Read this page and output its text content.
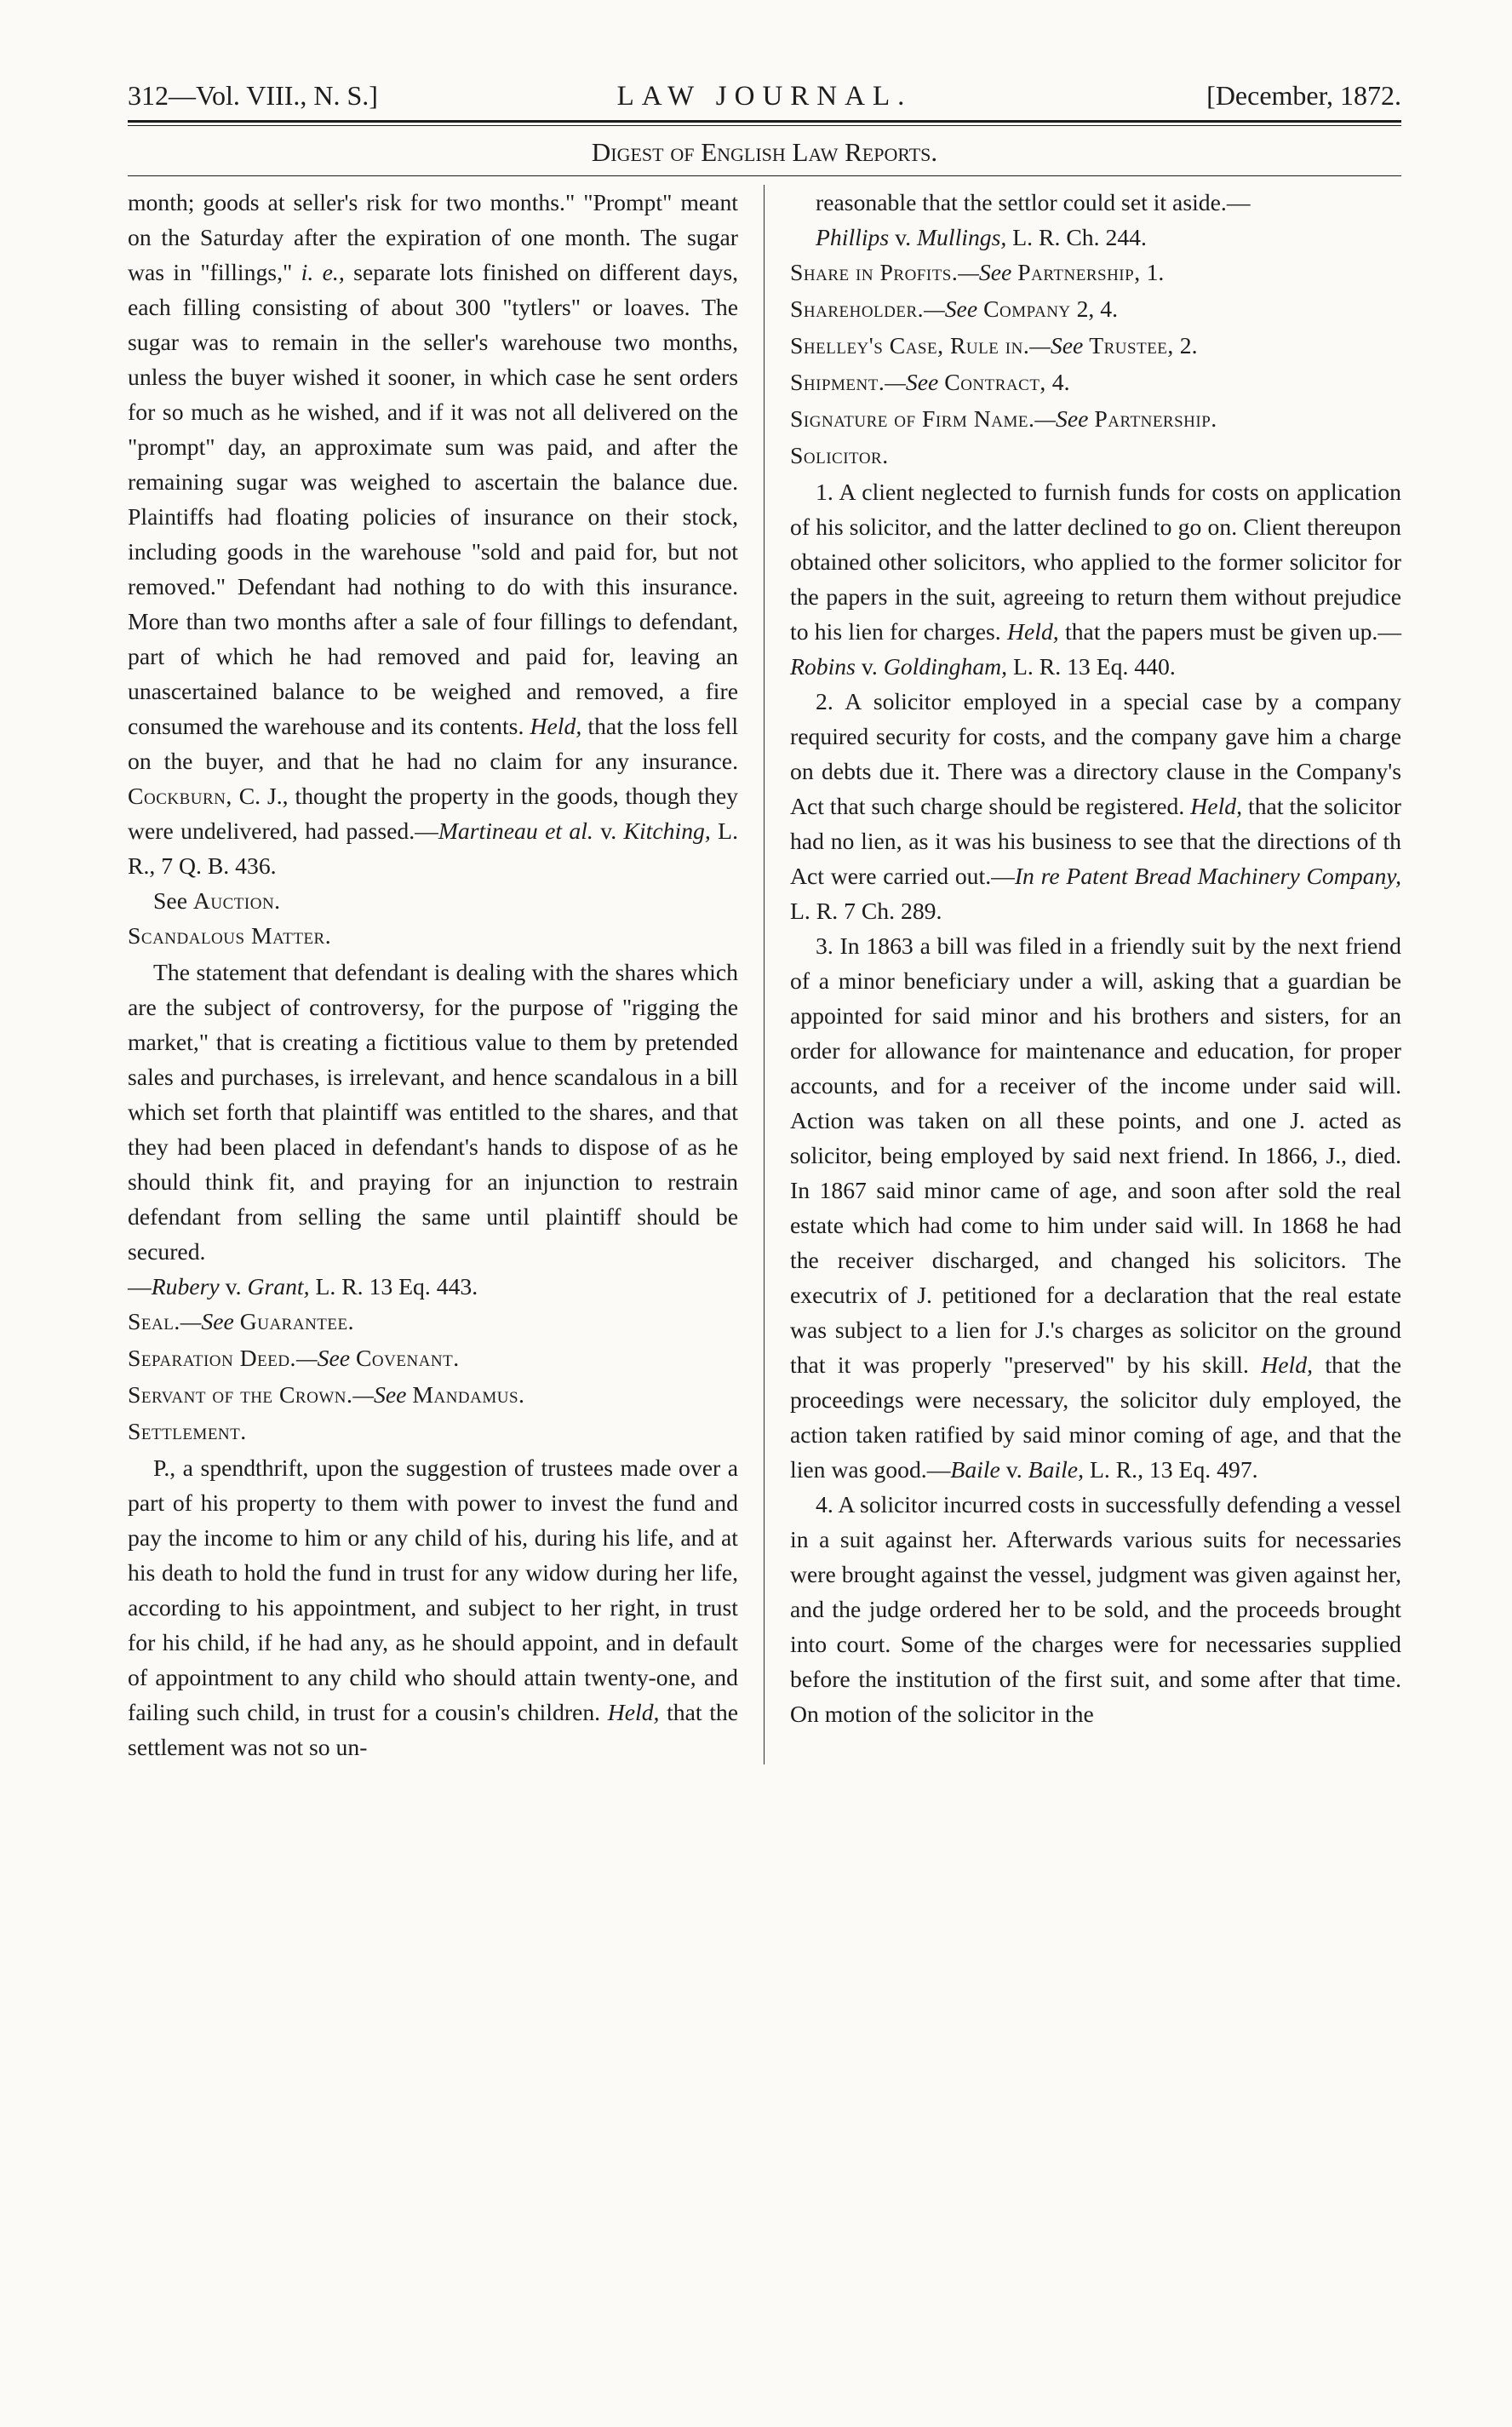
312—Vol. VIII., N. S.]	LAW JOURNAL.	[December, 1872.
Digest of English Law Reports.

month; goods at seller's risk for two months." "Prompt" meant on the Saturday after the expiration of one month. The sugar was in "fillings," i. e., separate lots finished on different days, each filling consisting of about 300 "tytlers" or loaves. The sugar was to remain in the seller's warehouse two months, unless the buyer wished it sooner, in which case he sent orders for so much as he wished, and if it was not all delivered on the "prompt" day, an approximate sum was paid, and after the remaining sugar was weighed to ascertain the balance due. Plaintiffs had floating policies of insurance on their stock, including goods in the warehouse "sold and paid for, but not removed." Defendant had nothing to do with this insurance. More than two months after a sale of four fillings to defendant, part of which he had removed and paid for, leaving an unascertained balance to be weighed and removed, a fire consumed the warehouse and its contents. Held, that the loss fell on the buyer, and that he had no claim for any insurance. Cockburn, C. J., thought the property in the goods, though they were undelivered, had passed.—Martineau et al. v. Kitching, L. R., 7 Q. B. 436.

See Auction.

Scandalous Matter.

The statement that defendant is dealing with the shares which are the subject of controversy, for the purpose of "rigging the market," that is creating a fictitious value to them by pretended sales and purchases, is irrelevant, and hence scandalous in a bill which set forth that plaintiff was entitled to the shares, and that they had been placed in defendant's hands to dispose of as he should think fit, and praying for an injunction to restrain defendant from selling the same until plaintiff should be secured.
—Rubery v. Grant, L. R. 13 Eq. 443.

Seal.—See Guarantee.

Separation Deed.—See Covenant.

Servant of the Crown.—See Mandamus.

Settlement.

P., a spendthrift, upon the suggestion of trustees made over a part of his property to them with power to invest the fund and pay the income to him or any child of his, during his life, and at his death to hold the fund in trust for any widow during her life, according to his appointment, and subject to her right, in trust for his child, if he had any, as he should appoint, and in default of appointment to any child who should attain twenty-one, and failing such child, in trust for a cousin's children. Held, that the settlement was not so un-

reasonable that the settlor could set it aside.—
Phillips v. Mullings, L. R. Ch. 244.

Share in Profits.—See Partnership, 1.

Shareholder.—See Company 2, 4.

Shelley's Case, Rule in.—See Trustee, 2.

Shipment.—See Contract, 4.

Signature of Firm Name.—See Partnership.

Solicitor.

1. A client neglected to furnish funds for costs on application of his solicitor, and the latter declined to go on. Client thereupon obtained other solicitors, who applied to the former solicitor for the papers in the suit, agreeing to return them without prejudice to his lien for charges. Held, that the papers must be given up.—Robins v. Goldingham, L. R. 13 Eq. 440.

2. A solicitor employed in a special case by a company required security for costs, and the company gave him a charge on debts due it. There was a directory clause in the Company's Act that such charge should be registered. Held, that the solicitor had no lien, as it was his business to see that the directions of th Act were carried out.—In re Patent Bread Machinery Company, L. R. 7 Ch. 289.

3. In 1863 a bill was filed in a friendly suit by the next friend of a minor beneficiary under a will, asking that a guardian be appointed for said minor and his brothers and sisters, for an order for allowance for maintenance and education, for proper accounts, and for a receiver of the income under said will. Action was taken on all these points, and one J. acted as solicitor, being employed by said next friend. In 1866, J., died. In 1867 said minor came of age, and soon after sold the real estate which had come to him under said will. In 1868 he had the receiver discharged, and changed his solicitors. The executrix of J. petitioned for a declaration that the real estate was subject to a lien for J.'s charges as solicitor on the ground that it was properly "preserved" by his skill. Held, that the proceedings were necessary, the solicitor duly employed, the action taken ratified by said minor coming of age, and that the lien was good.—Baile v. Baile, L. R., 13 Eq. 497.

4. A solicitor incurred costs in successfully defending a vessel in a suit against her. Afterwards various suits for necessaries were brought against the vessel, judgment was given against her, and the judge ordered her to be sold, and the proceeds brought into court. Some of the charges were for necessaries supplied before the institution of the first suit, and some after that time. On motion of the solicitor in the
